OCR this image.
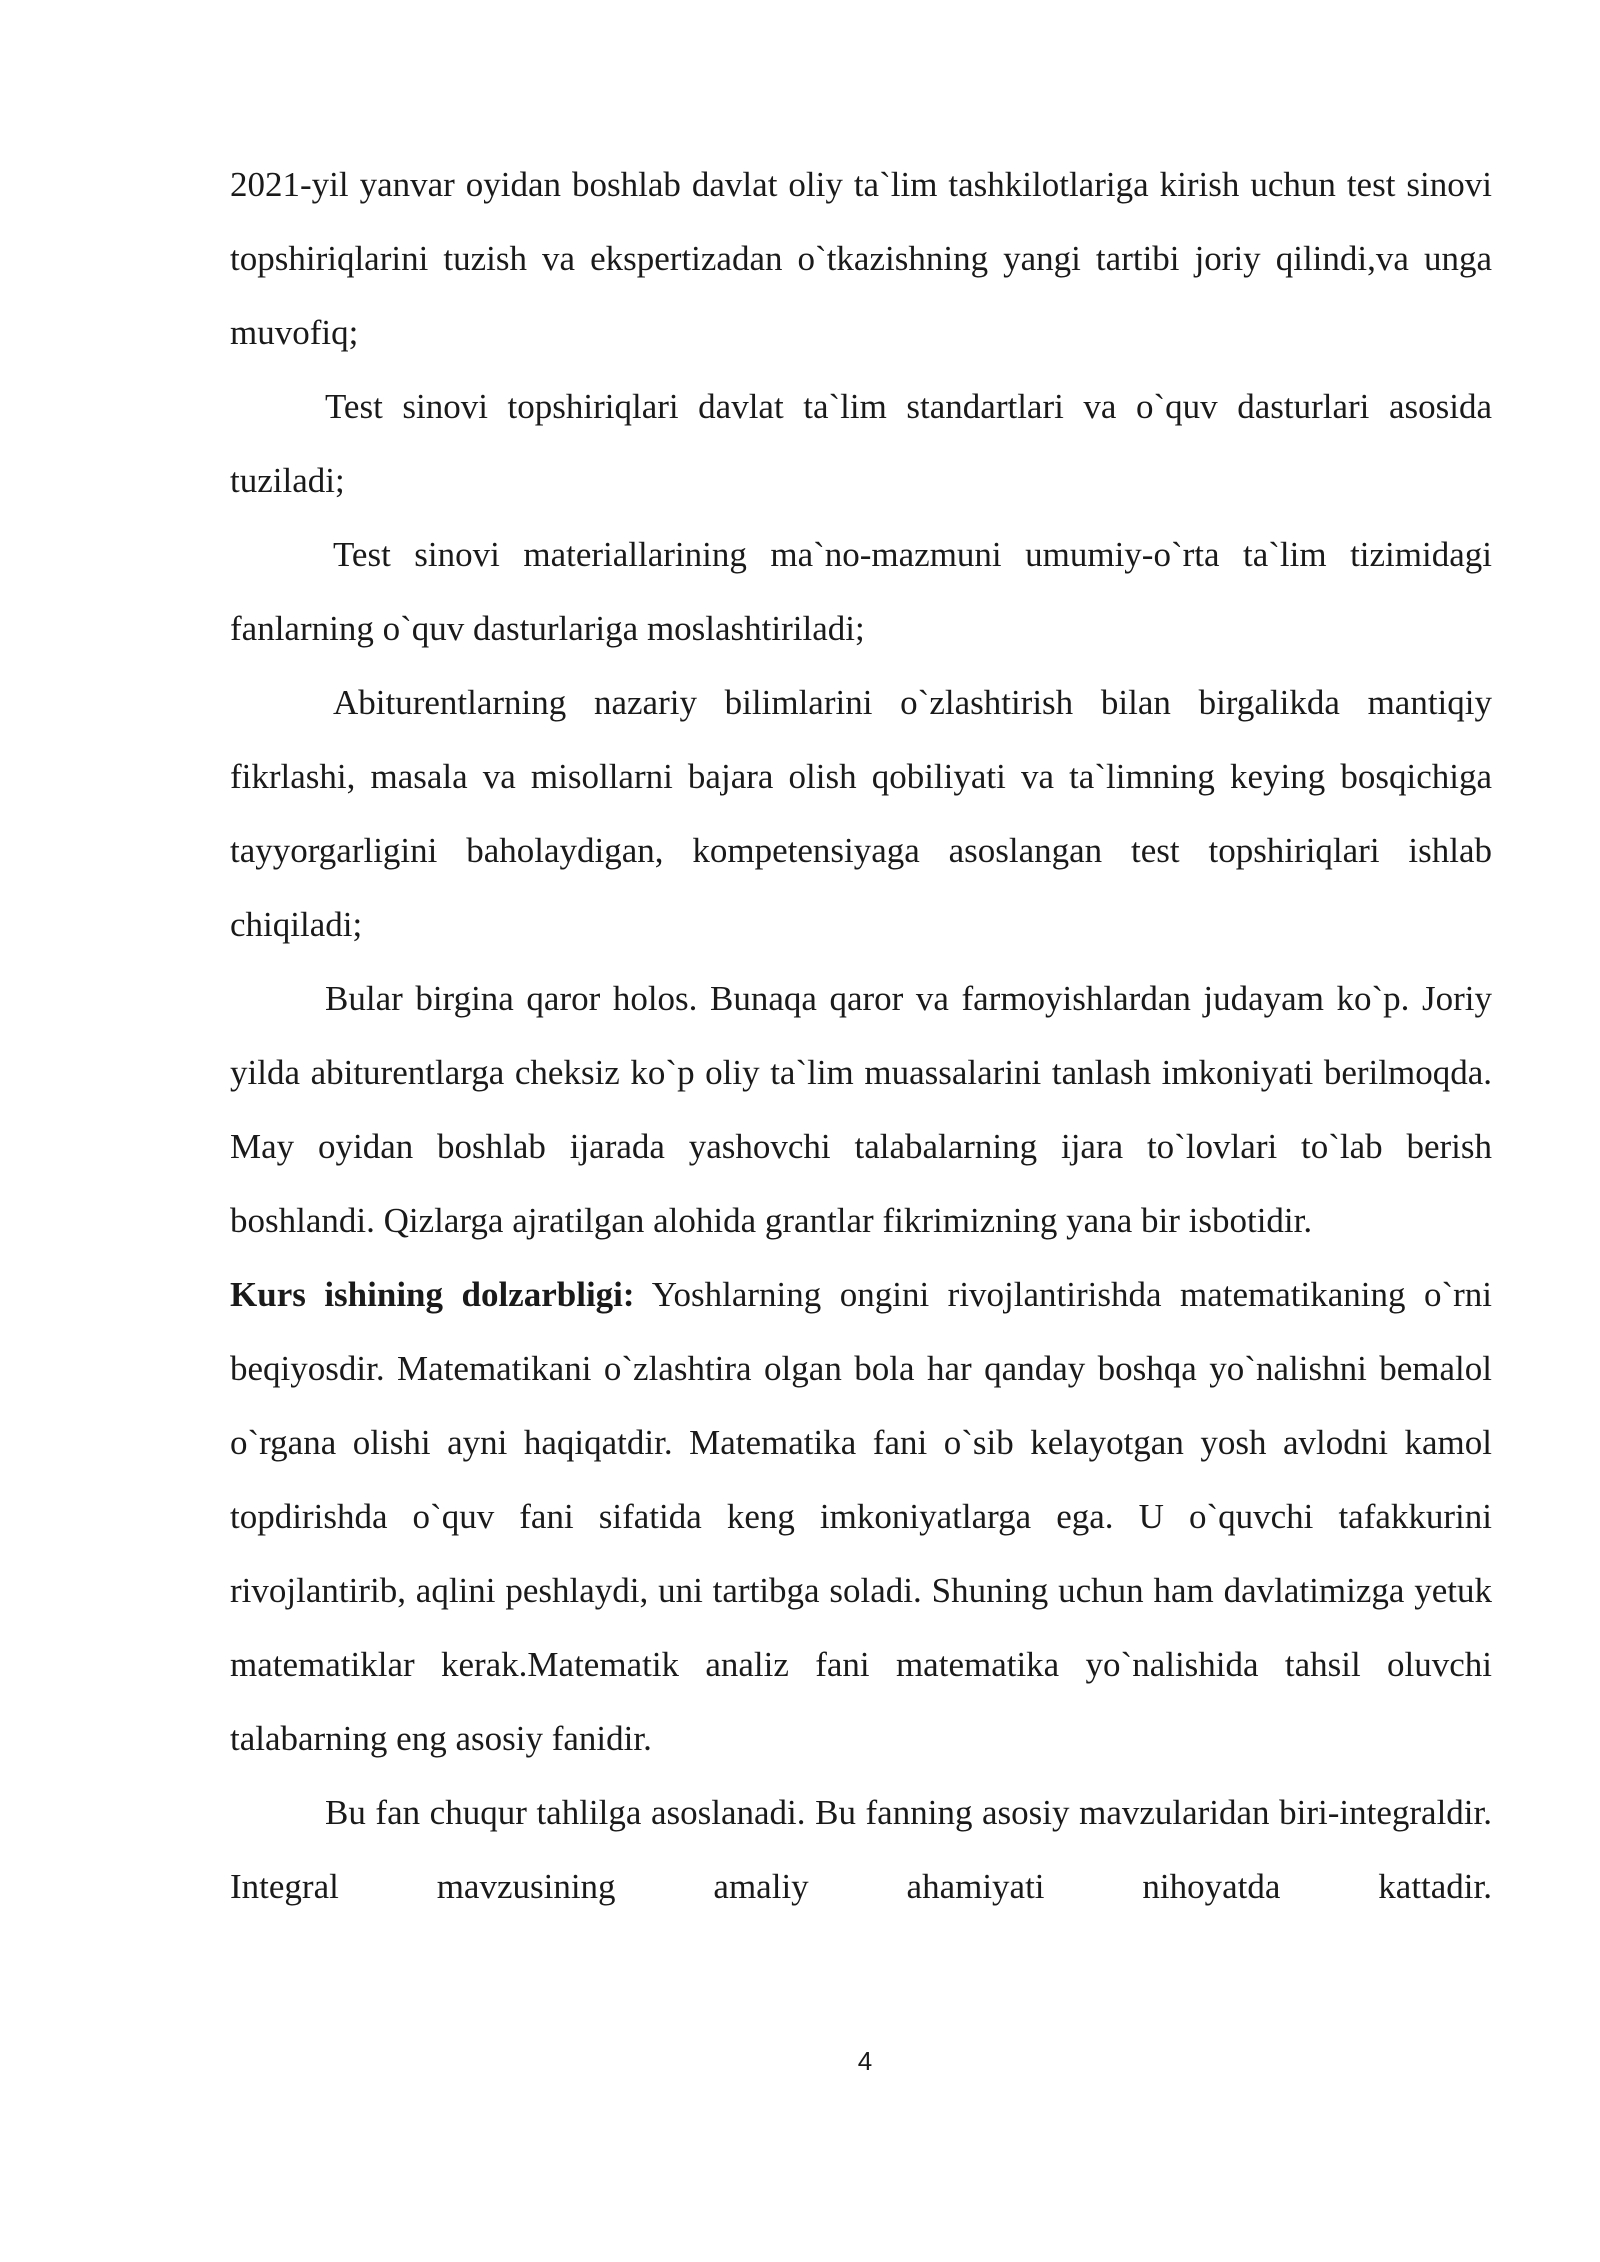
2021-yil yanvar oyidan boshlab davlat oliy ta`lim tashkilotlariga kirish uchun test sinovi topshiriqlarini tuzish va ekspertizadan o`tkazishning yangi tartibi joriy qilindi,va unga muvofiq;

Test sinovi topshiriqlari davlat ta`lim standartlari va o`quv dasturlari asosida tuziladi;

Test sinovi materiallarining ma`no-mazmuni umumiy-o`rta ta`lim tizimidagi fanlarning o`quv dasturlariga moslashtiriladi;

Abiturentlarning nazariy bilimlarini o`zlashtirish bilan birgalikda mantiqiy fikrlashi, masala va misollarni bajara olish qobiliyati va ta`limning keying bosqichiga tayyorgarligini baholaydigan, kompetensiyaga asoslangan test topshiriqlari ishlab chiqiladi;

Bular birgina qaror holos. Bunaqa qaror va farmoyishlardan judayam ko`p. Joriy yilda abiturentlarga cheksiz ko`p oliy ta`lim muassalarini tanlash imkoniyati berilmoqda. May oyidan boshlab ijarada yashovchi talabalarning ijara to`lovlari to`lab berish boshlandi. Qizlarga ajratilgan alohida grantlar fikrimizning yana bir isbotidir.

Kurs ishining dolzarbligi: Yoshlarning ongini rivojlantirishda matematikaning o`rni beqiyosdir. Matematikani o`zlashtira olgan bola har qanday boshqa yo`nalishni bemalol o`rgana olishi ayni haqiqatdir. Matematika fani o`sib kelayotgan yosh avlodni kamol topdirishda o`quv fani sifatida keng imkoniyatlarga ega. U o`quvchi tafakkurini rivojlantirib, aqlini peshlaydi, uni tartibga soladi. Shuning uchun ham davlatimizga yetuk matematiklar kerak.Matematik analiz fani matematika yo`nalishida tahsil oluvchi talabarning eng asosiy fanidir.

Bu fan chuqur tahlilga asoslanadi. Bu fanning asosiy mavzularidan biri-integraldir. Integral mavzusining amaliy ahamiyati nihoyatda kattadir.

4
